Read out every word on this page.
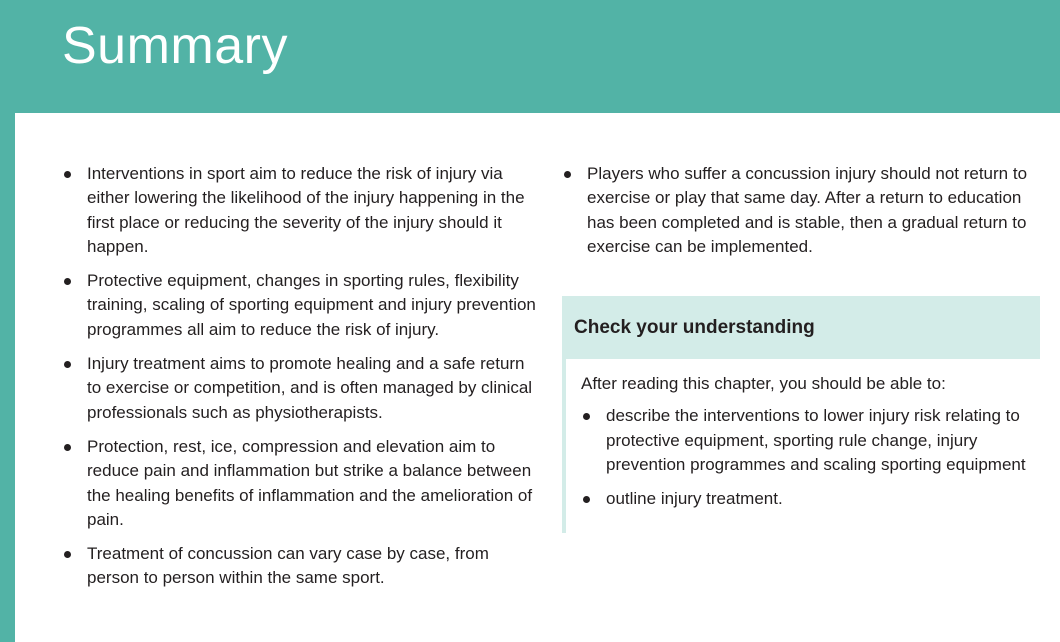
Summary
Interventions in sport aim to reduce the risk of injury via either lowering the likelihood of the injury happening in the first place or reducing the severity of the injury should it happen.
Protective equipment, changes in sporting rules, flexibility training, scaling of sporting equipment and injury prevention programmes all aim to reduce the risk of injury.
Injury treatment aims to promote healing and a safe return to exercise or competition, and is often managed by clinical professionals such as physiotherapists.
Protection, rest, ice, compression and elevation aim to reduce pain and inflammation but strike a balance between the healing benefits of inflammation and the amelioration of pain.
Treatment of concussion can vary case by case, from person to person within the same sport.
Players who suffer a concussion injury should not return to exercise or play that same day. After a return to education has been completed and is stable, then a gradual return to exercise can be implemented.
Check your understanding

After reading this chapter, you should be able to:

describe the interventions to lower injury risk relating to protective equipment, sporting rule change, injury prevention programmes and scaling sporting equipment
outline injury treatment.
